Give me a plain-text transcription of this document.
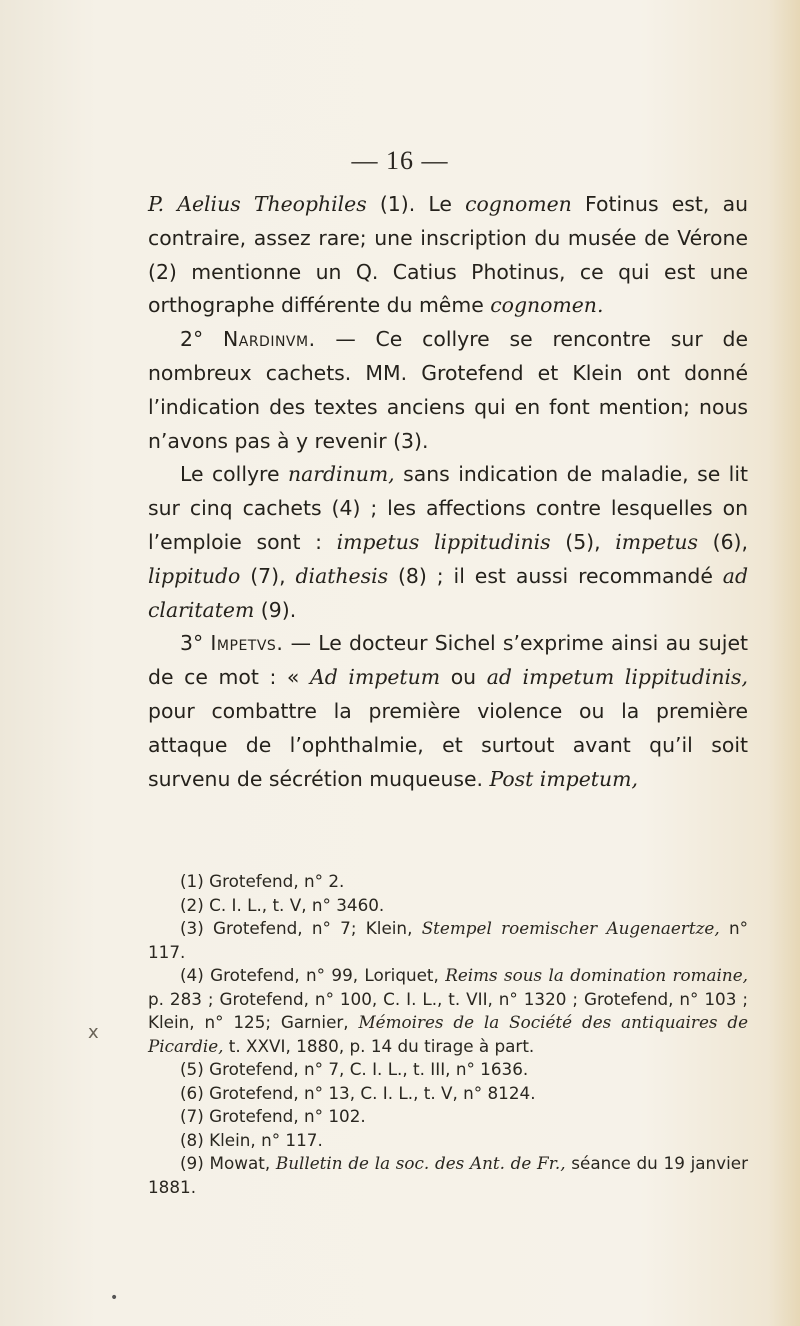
— 16 —

P. Aelius Theophiles (1). Le cognomen Fotinus est, au contraire, assez rare; une inscription du musée de Vérone (2) mentionne un Q. Catius Photinus, ce qui est une orthographe différente du même cognomen.

2° Nardinvm. — Ce collyre se rencontre sur de nombreux cachets. MM. Grotefend et Klein ont donné l’indication des textes anciens qui en font mention; nous n’avons pas à y revenir (3).

Le collyre nardinum, sans indication de maladie, se lit sur cinq cachets (4) ; les affections contre lesquelles on l’emploie sont : impetus lippitudinis (5), impetus (6), lippitudo (7), diathesis (8) ; il est aussi recommandé ad claritatem (9).

3° Impetvs. — Le docteur Sichel s’exprime ainsi au sujet de ce mot : « Ad impetum ou ad impetum lippitudinis, pour combattre la première violence ou la première attaque de l’ophthalmie, et surtout avant qu’il soit survenu de sécrétion muqueuse. Post impetum,

(1) Grotefend, n° 2.

(2) C. I. L., t. V, n° 3460.

(3) Grotefend, n° 7; Klein, Stempel roemischer Augenaertze, n° 117.

(4) Grotefend, n° 99, Loriquet, Reims sous la domination romaine, p. 283 ; Grotefend, n° 100, C. I. L., t. VII, n° 1320 ; Grotefend, n° 103 ; Klein, n° 125; Garnier, Mémoires de la Société des antiquaires de Picardie, t. XXVI, 1880, p. 14 du tirage à part.

(5) Grotefend, n° 7, C. I. L., t. III, n° 1636.

(6) Grotefend, n° 13, C. I. L., t. V, n° 8124.

(7) Grotefend, n° 102.

(8) Klein, n° 117.

(9) Mowat, Bulletin de la soc. des Ant. de Fr., séance du 19 janvier 1881.

x
•
